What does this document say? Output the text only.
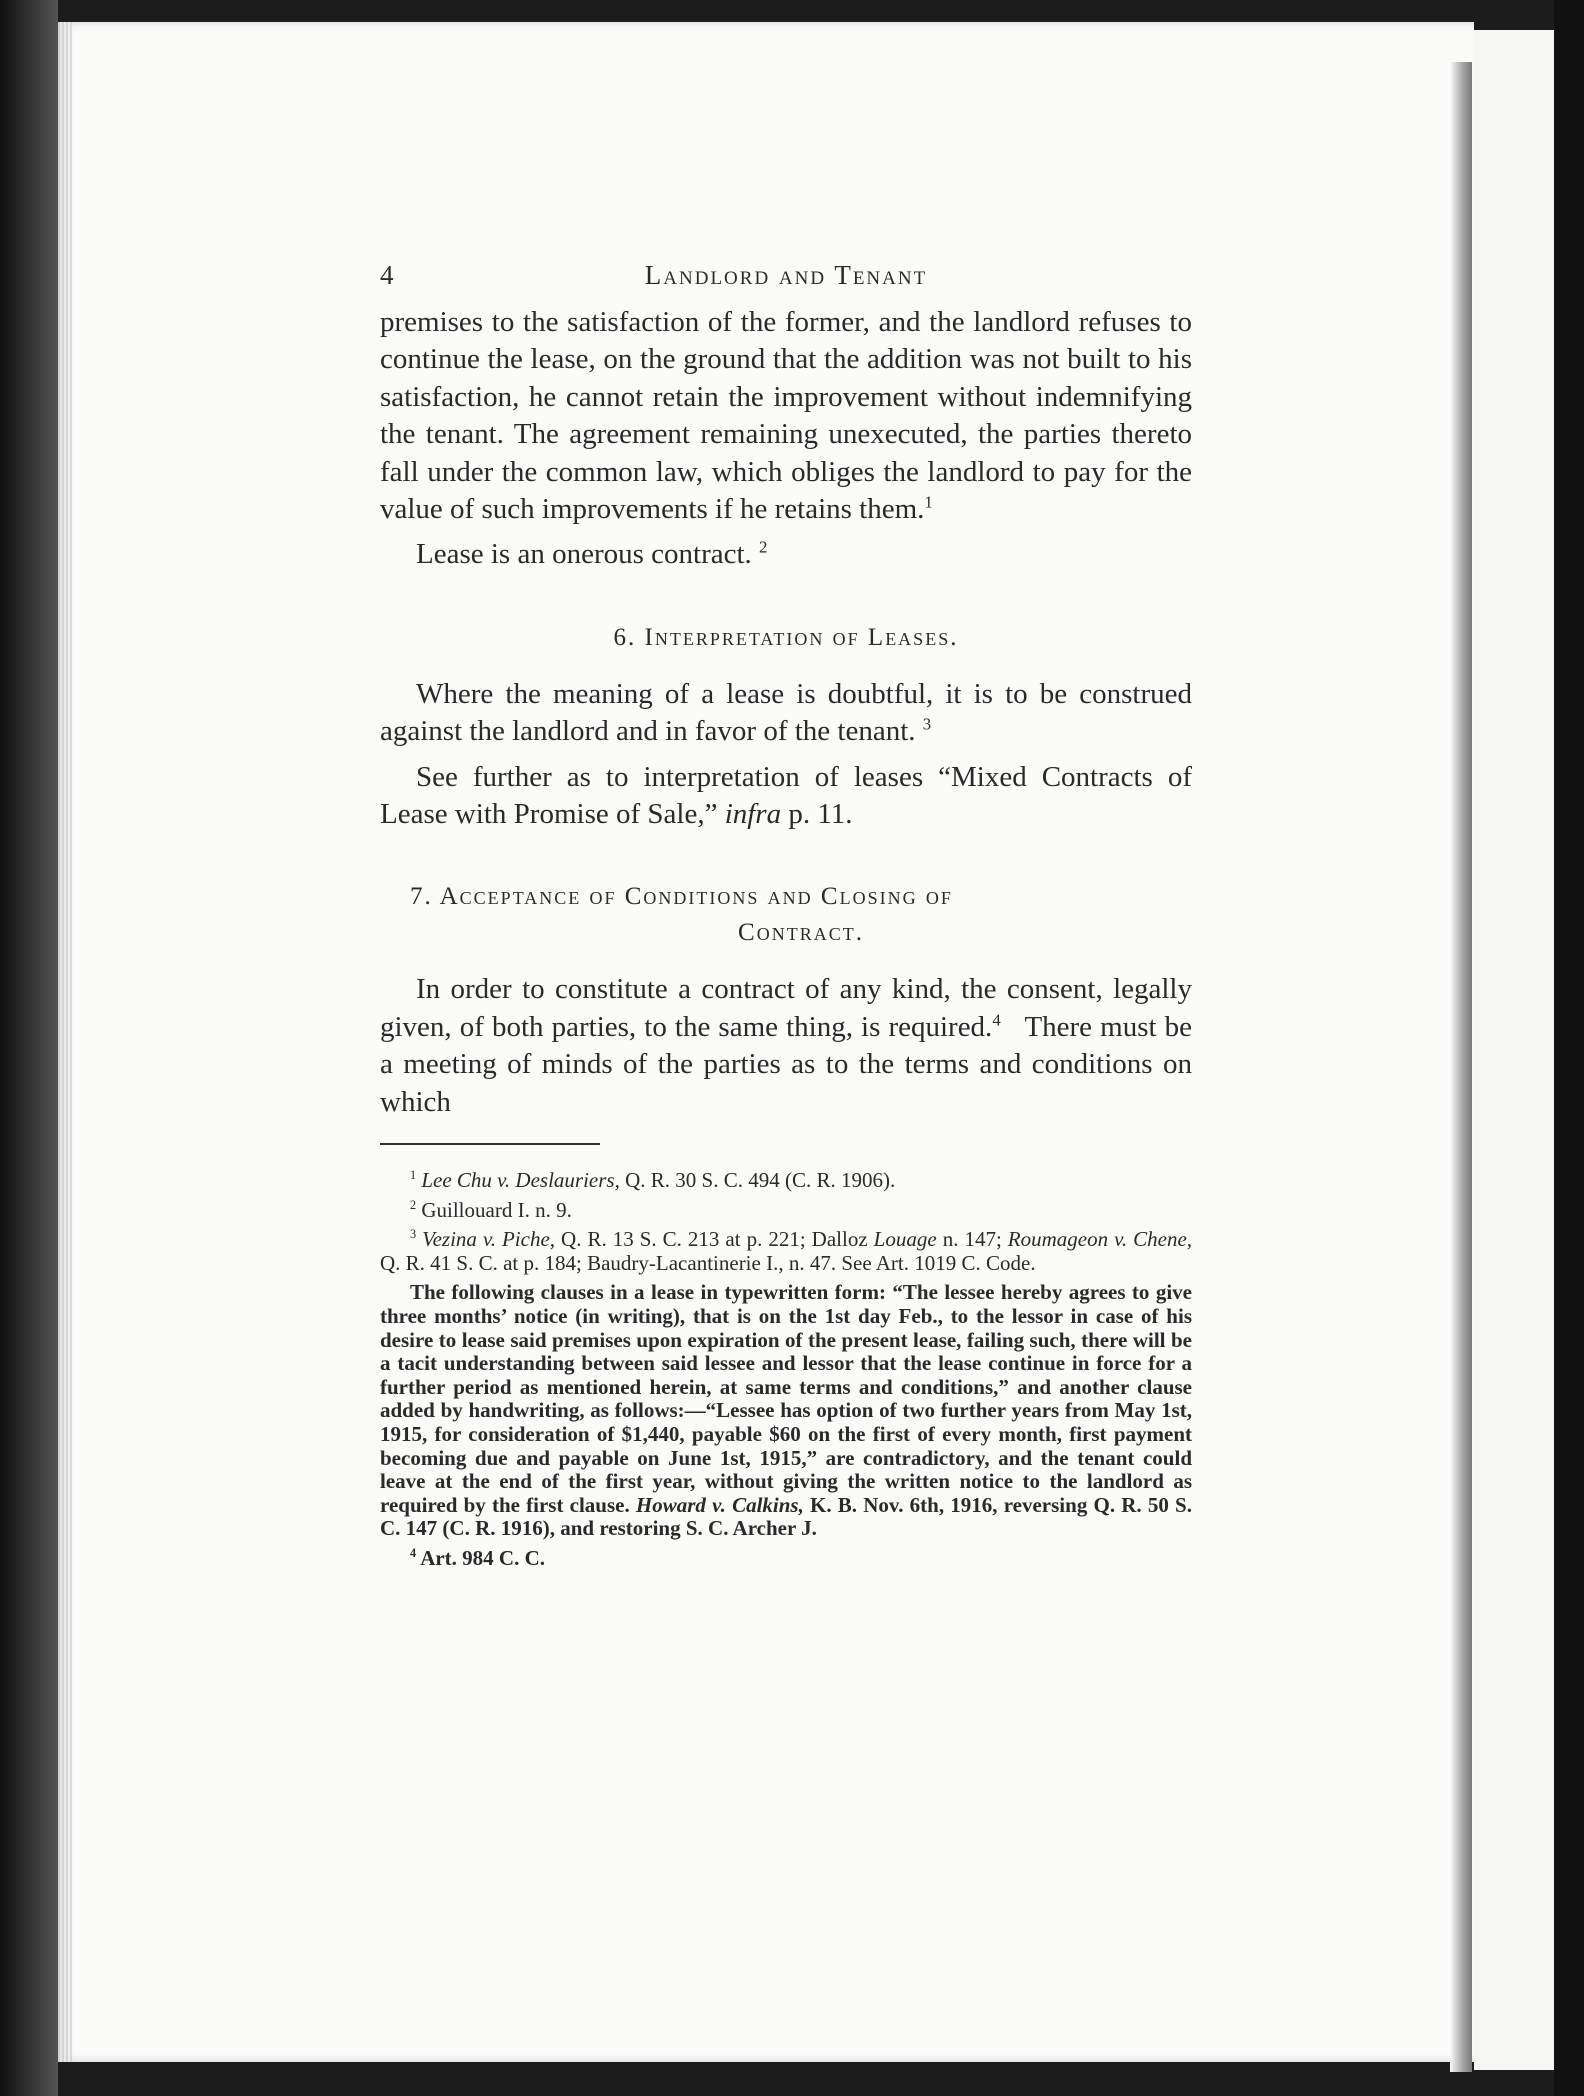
4	Landlord and Tenant

premises to the satisfaction of the former, and the landlord refuses to continue the lease, on the ground that the addition was not built to his satisfaction, he cannot retain the improvement without indemnifying the tenant. The agreement remaining unexecuted, the parties thereto fall under the common law, which obliges the landlord to pay for the value of such improvements if he retains them.$^1$

Lease is an onerous contract. $^2$

6. Interpretation of Leases.

Where the meaning of a lease is doubtful, it is to be construed against the landlord and in favor of the tenant. $^3$

See further as to interpretation of leases “Mixed Contracts of Lease with Promise of Sale,” infra p. 11.

7. Acceptance of Conditions and Closing of
Contract.

In order to constitute a contract of any kind, the consent, legally given, of both parties, to the same thing, is required.$^4$ There must be a meeting of minds of the parties as to the terms and conditions on which

$^1$ Lee Chu v. Deslauriers, Q. R. 30 S. C. 494 (C. R. 1906).

$^2$ Guillouard I. n. 9.

$^3$ Vezina v. Piche, Q. R. 13 S. C. 213 at p. 221; Dalloz Louage n. 147; Roumageon v. Chene, Q. R. 41 S. C. at p. 184; Baudry-Lacantinerie I., n. 47. See Art. 1019 C. Code.

The following clauses in a lease in typewritten form: “The lessee hereby agrees to give three months’ notice (in writing), that is on the 1st day Feb., to the lessor in case of his desire to lease said premises upon expiration of the present lease, failing such, there will be a tacit understanding between said lessee and lessor that the lease continue in force for a further period as mentioned herein, at same terms and conditions,” and another clause added by handwriting, as follows:—“Lessee has option of two further years from May 1st, 1915, for consideration of $1,440, payable $60 on the first of every month, first payment becoming due and payable on June 1st, 1915,” are contradictory, and the tenant could leave at the end of the first year, without giving the written notice to the landlord as required by the first clause. Howard v. Calkins, K. B. Nov. 6th, 1916, reversing Q. R. 50 S. C. 147 (C. R. 1916), and restoring S. C. Archer J.

$^4$ Art. 984 C. C.
